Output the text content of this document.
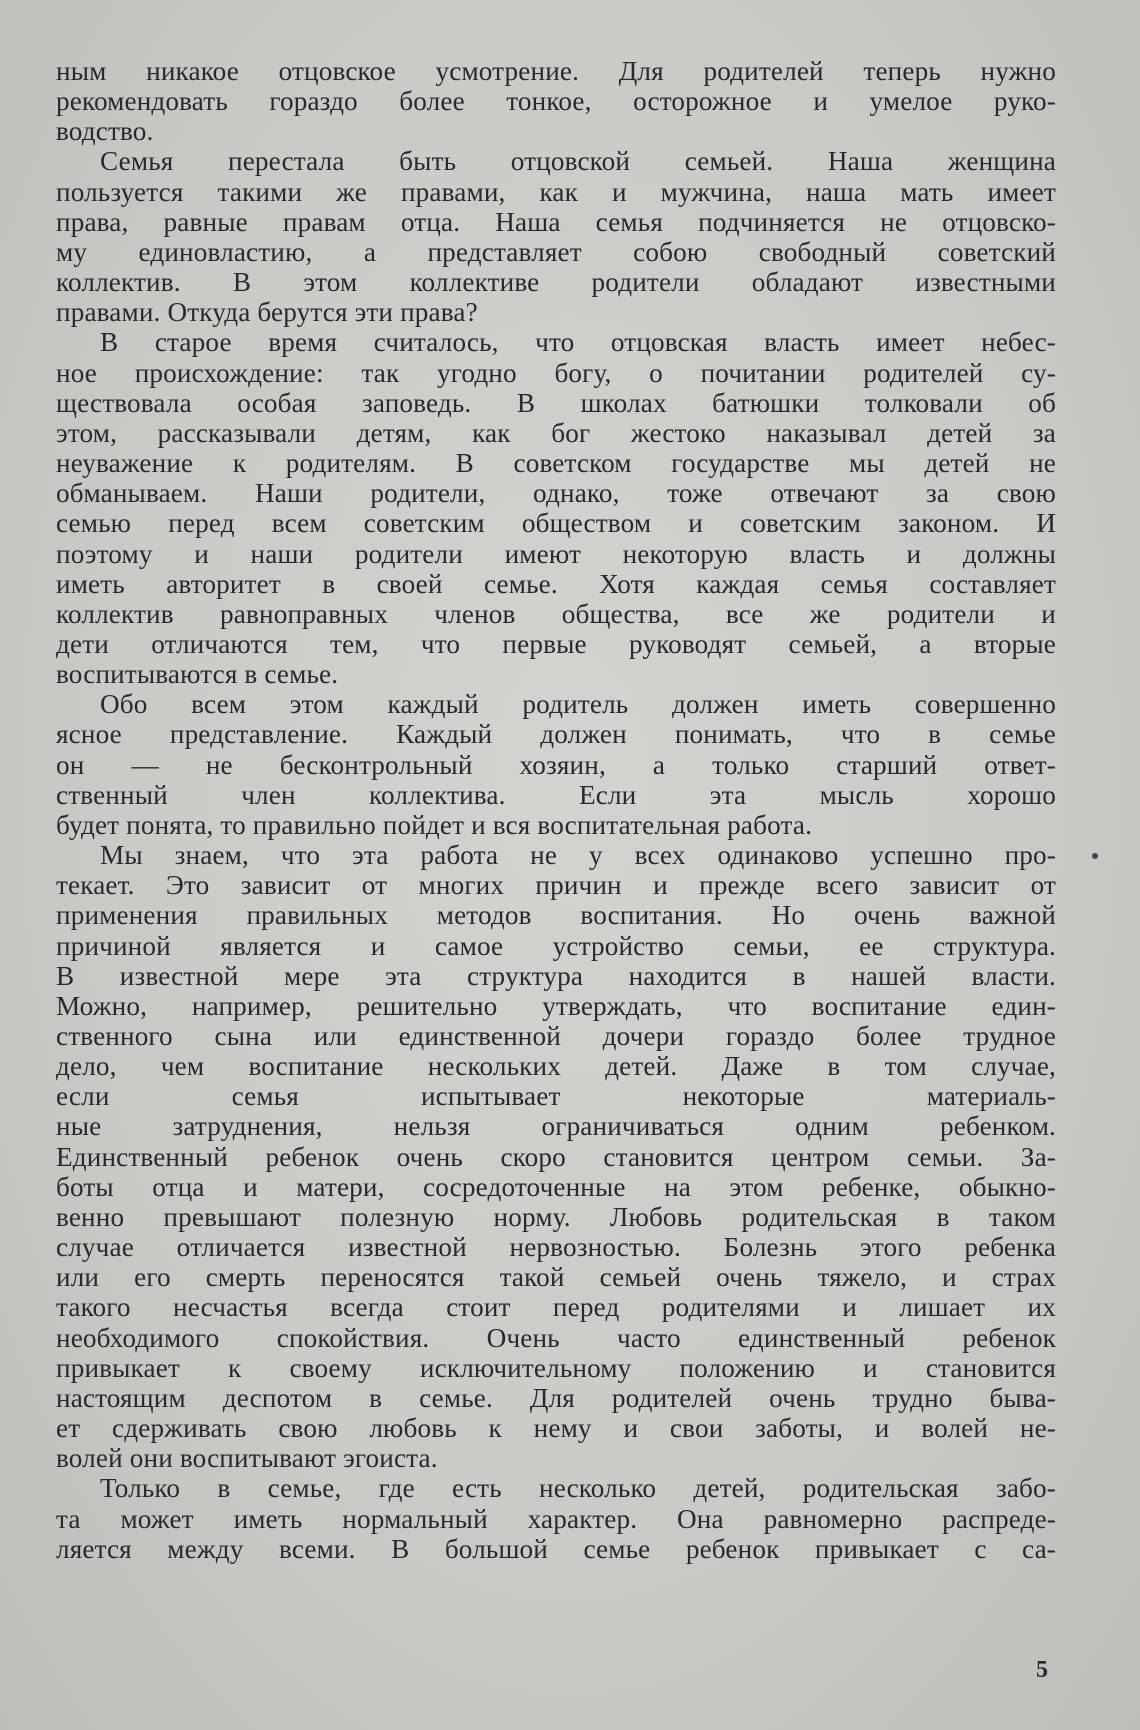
ным никакое отцовское усмотрение. Для родителей теперь нужно
рекомендовать гораздо более тонкое, осторожное и умелое руко-
водство.

Семья перестала быть отцовской семьей. Наша женщина
пользуется такими же правами, как и мужчина, наша мать имеет
права, равные правам отца. Наша семья подчиняется не отцовско-
му единовластию, а представляет собою свободный советский
коллектив. В этом коллективе родители обладают известными
правами. Откуда берутся эти права?

В старое время считалось, что отцовская власть имеет небес-
ное происхождение: так угодно богу, о почитании родителей су-
ществовала особая заповедь. В школах батюшки толковали об
этом, рассказывали детям, как бог жестоко наказывал детей за
неуважение к родителям. В советском государстве мы детей не
обманываем. Наши родители, однако, тоже отвечают за свою
семью перед всем советским обществом и советским законом. И
поэтому и наши родители имеют некоторую власть и должны
иметь авторитет в своей семье. Хотя каждая семья составляет
коллектив равноправных членов общества, все же родители и
дети отличаются тем, что первые руководят семьей, а вторые
воспитываются в семье.

Обо всем этом каждый родитель должен иметь совершенно
ясное представление. Каждый должен понимать, что в семье
он — не бесконтрольный хозяин, а только старший ответ-
ственный член коллектива. Если эта мысль хорошо
будет понята, то правильно пойдет и вся воспитательная работа.

Мы знаем, что эта работа не у всех одинаково успешно про-
текает. Это зависит от многих причин и прежде всего зависит от
применения правильных методов воспитания. Но очень важной
причиной является и самое устройство семьи, ее структура.
В известной мере эта структура находится в нашей власти.
Можно, например, решительно утверждать, что воспитание един-
ственного сына или единственной дочери гораздо более трудное
дело, чем воспитание нескольких детей. Даже в том случае,
если семья испытывает некоторые материаль-
ные затруднения, нельзя ограничиваться одним ребенком.
Единственный ребенок очень скоро становится центром семьи. За-
боты отца и матери, сосредоточенные на этом ребенке, обыкно-
венно превышают полезную норму. Любовь родительская в таком
случае отличается известной нервозностью. Болезнь этого ребенка
или его смерть переносятся такой семьей очень тяжело, и страх
такого несчастья всегда стоит перед родителями и лишает их
необходимого спокойствия. Очень часто единственный ребенок
привыкает к своему исключительному положению и становится
настоящим деспотом в семье. Для родителей очень трудно быва-
ет сдерживать свою любовь к нему и свои заботы, и волей не-
волей они воспитывают эгоиста.

Только в семье, где есть несколько детей, родительская забо-
та может иметь нормальный характер. Она равномерно распреде-
ляется между всеми. В большой семье ребенок привыкает с са-

5
